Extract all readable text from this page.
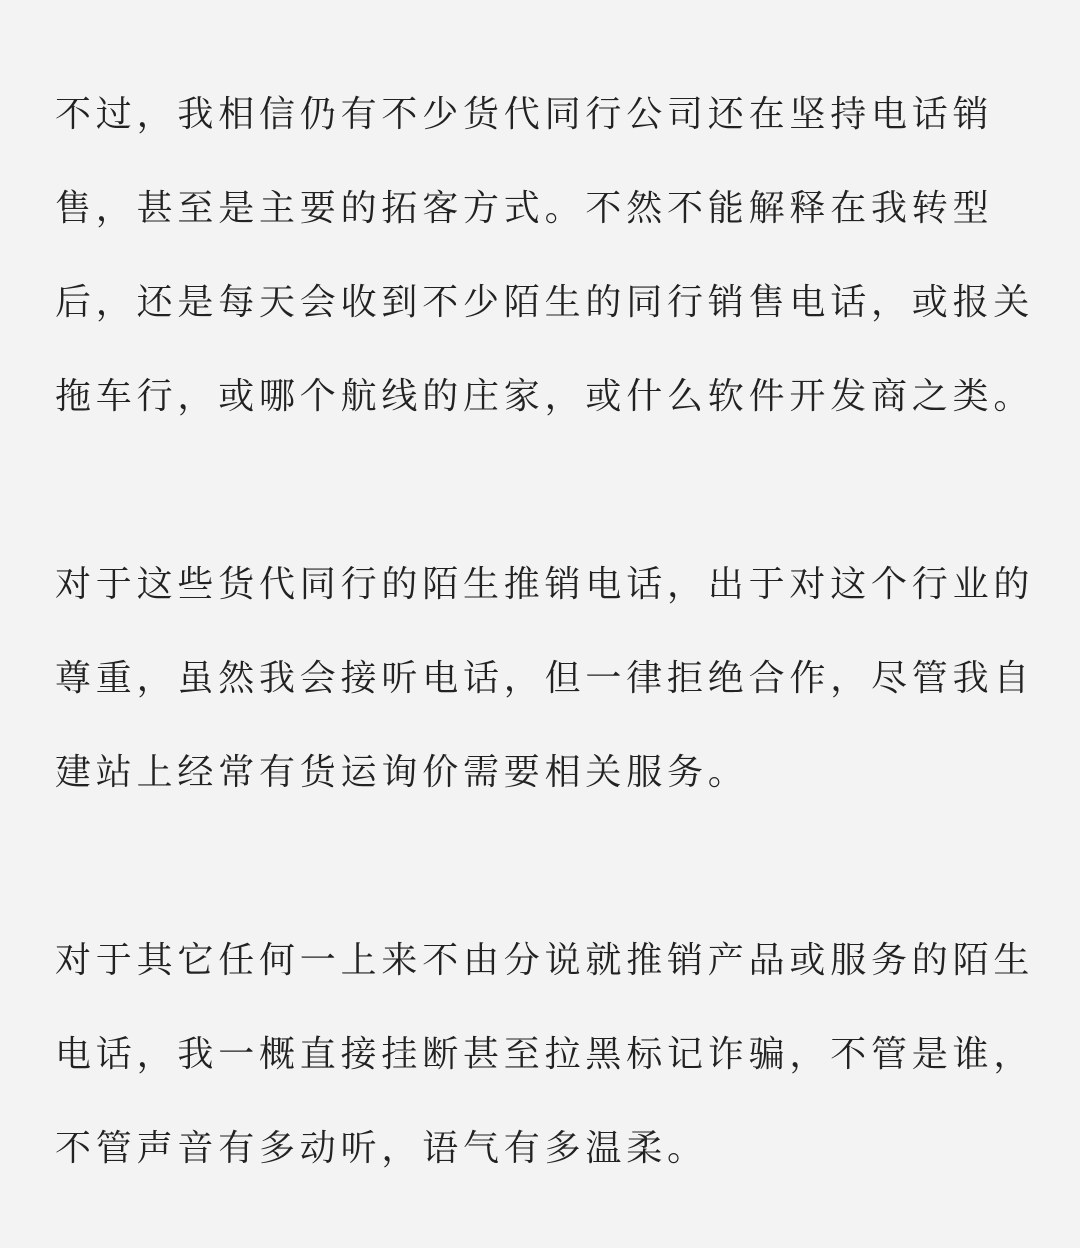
不过，我相信仍有不少货代同行公司还在坚持电话销售，甚至是主要的拓客方式。不然不能解释在我转型后，还是每天会收到不少陌生的同行销售电话，或报关拖车行，或哪个航线的庄家，或什么软件开发商之类。

对于这些货代同行的陌生推销电话，出于对这个行业的尊重，虽然我会接听电话，但一律拒绝合作，尽管我自建站上经常有货运询价需要相关服务。

对于其它任何一上来不由分说就推销产品或服务的陌生电话，我一概直接挂断甚至拉黑标记诈骗，不管是谁，不管声音有多动听，语气有多温柔。
